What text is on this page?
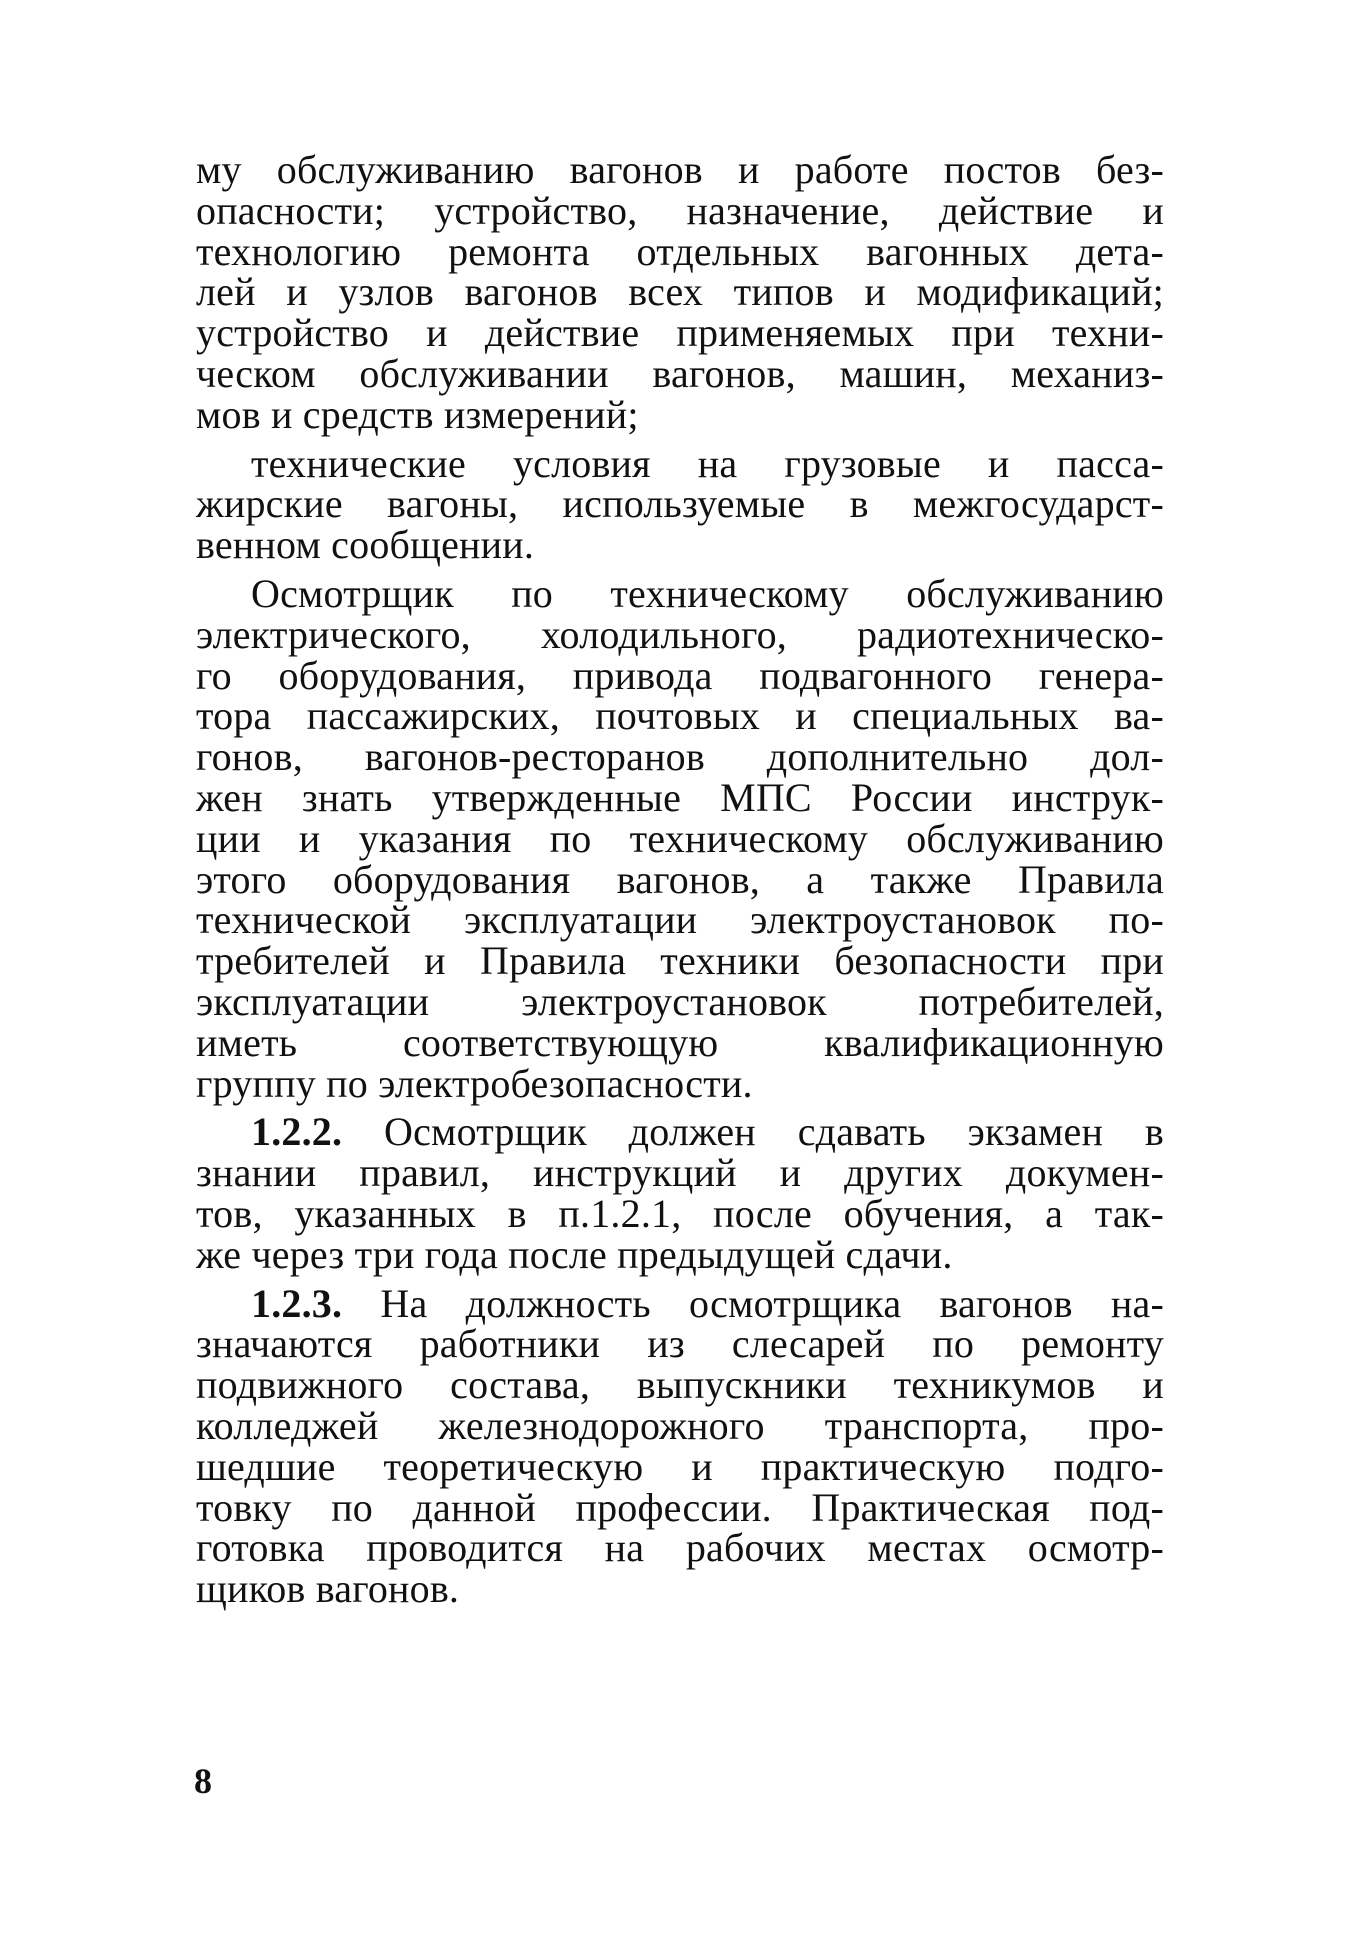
му обслуживанию вагонов и работе постов без-
опасности; устройство, назначение, действие и
технологию ремонта отдельных вагонных дета-
лей и узлов вагонов всех типов и модификаций;
устройство и действие применяемых при техни-
ческом обслуживании вагонов, машин, механиз-
мов и средств измерений;
технические условия на грузовые и пасса-
жирские вагоны, используемые в межгосударст-
венном сообщении.
Осмотрщик по техническому обслуживанию
электрического, холодильного, радиотехническо-
го оборудования, привода подвагонного генера-
тора пассажирских, почтовых и специальных ва-
гонов, вагонов-ресторанов дополнительно дол-
жен знать утвержденные МПС России инструк-
ции и указания по техническому обслуживанию
этого оборудования вагонов, а также Правила
технической эксплуатации электроустановок по-
требителей и Правила техники безопасности при
эксплуатации электроустановок потребителей,
иметь соответствующую квалификационную
группу по электробезопасности.
1.2.2. Осмотрщик должен сдавать экзамен в
знании правил, инструкций и других докумен-
тов, указанных в п.1.2.1, после обучения, а так-
же через три года после предыдущей сдачи.
1.2.3. На должность осмотрщика вагонов на-
значаются работники из слесарей по ремонту
подвижного состава, выпускники техникумов и
колледжей железнодорожного транспорта, про-
шедшие теоретическую и практическую подго-
товку по данной профессии. Практическая под-
готовка проводится на рабочих местах осмотр-
щиков вагонов.
8
